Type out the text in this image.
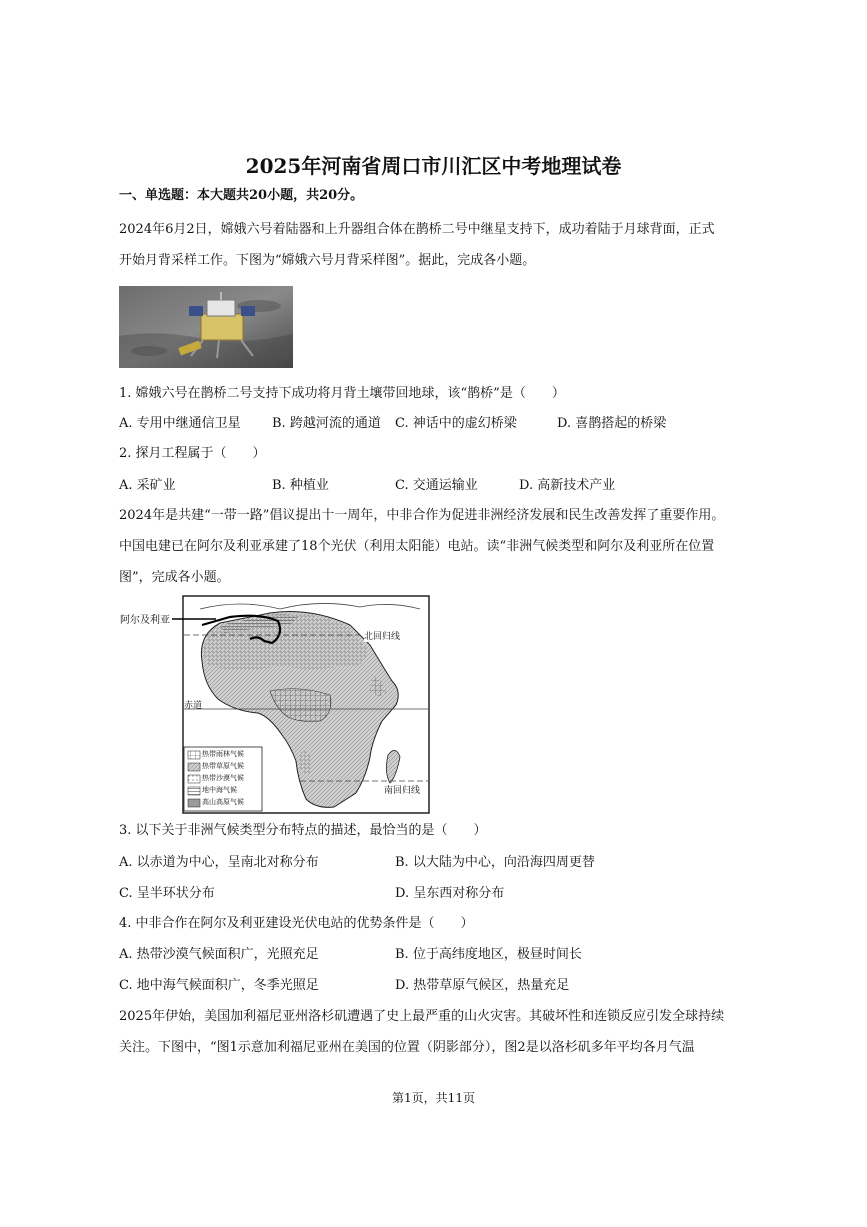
2025年河南省周口市川汇区中考地理试卷
一、单选题：本大题共20小题，共20分。
2024年6月2日，嫦娥六号着陆器和上升器组合体在鹊桥二号中继星支持下，成功着陆于月球背面，正式
开始月背采样工作。下图为“嫦娥六号月背采样图”。据此，完成各小题。
1. 嫦娥六号在鹊桥二号支持下成功将月背土壤带回地球，该“鹊桥”是（　　）
A. 专用中继通信卫星 B. 跨越河流的通道 C. 神话中的虚幻桥梁	D. 喜鹊搭起的桥梁
2. 探月工程属于（　　）
A. 采矿业	B. 种植业	C. 交通运输业	D. 高新技术产业
2024年是共建“一带一路”倡议提出十一周年，中非合作为促进非洲经济发展和民生改善发挥了重要作用。
中国电建已在阿尔及利亚承建了18个光伏（利用太阳能）电站。读“非洲气候类型和阿尔及利亚所在位置
图”，完成各小题。
阿尔及利亚
北回归线
赤道
南回归线
热带雨林气候
热带草原气候
热带沙漠气候
地中海气候
高山高原气候
3. 以下关于非洲气候类型分布特点的描述，最恰当的是（　　）
A. 以赤道为中心，呈南北对称分布	B. 以大陆为中心，向沿海四周更替
C. 呈半环状分布	D. 呈东西对称分布
4. 中非合作在阿尔及利亚建设光伏电站的优势条件是（　　）
A. 热带沙漠气候面积广，光照充足	B. 位于高纬度地区，极昼时间长
C. 地中海气候面积广，冬季光照足	D. 热带草原气候区，热量充足
2025年伊始，美国加利福尼亚州洛杉矶遭遇了史上最严重的山火灾害。其破坏性和连锁反应引发全球持续
关注。下图中，“图1示意加利福尼亚州在美国的位置（阴影部分），图2是以洛杉矶多年平均各月气温
第1页，共11页
